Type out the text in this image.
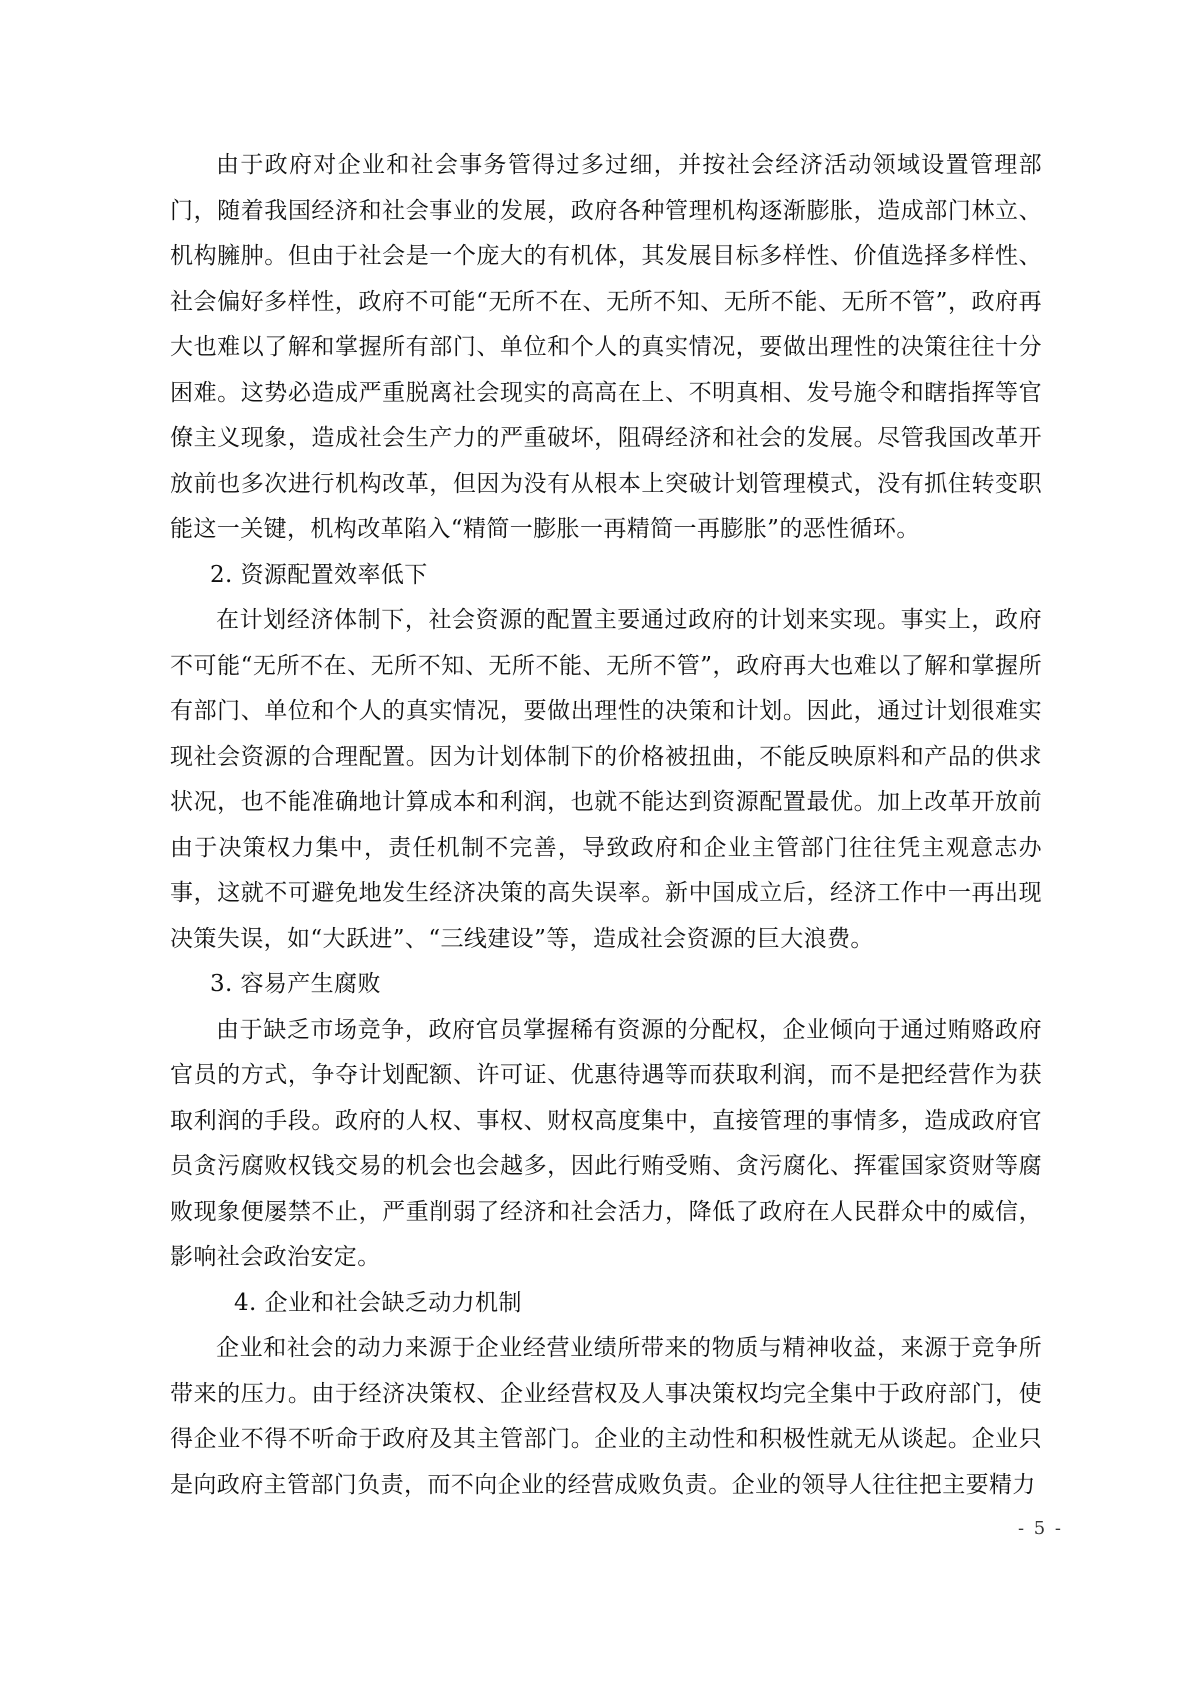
由于政府对企业和社会事务管得过多过细，并按社会经济活动领域设置管理部门，随着我国经济和社会事业的发展，政府各种管理机构逐渐膨胀，造成部门林立、机构臃肿。但由于社会是一个庞大的有机体，其发展目标多样性、价值选择多样性、社会偏好多样性，政府不可能“无所不在、无所不知、无所不能、无所不管”，政府再大也难以了解和掌握所有部门、单位和个人的真实情况，要做出理性的决策往往十分困难。这势必造成严重脱离社会现实的高高在上、不明真相、发号施令和瞎指挥等官僚主义现象，造成社会生产力的严重破坏，阻碍经济和社会的发展。尽管我国改革开放前也多次进行机构改革，但因为没有从根本上突破计划管理模式，没有抓住转变职能这一关键，机构改革陷入“精简一膨胀一再精简一再膨胀”的恶性循环。

2. 资源配置效率低下

在计划经济体制下，社会资源的配置主要通过政府的计划来实现。事实上，政府不可能“无所不在、无所不知、无所不能、无所不管”，政府再大也难以了解和掌握所有部门、单位和个人的真实情况，要做出理性的决策和计划。因此，通过计划很难实现社会资源的合理配置。因为计划体制下的价格被扭曲，不能反映原料和产品的供求状况，也不能准确地计算成本和利润，也就不能达到资源配置最优。加上改革开放前由于决策权力集中，责任机制不完善，导致政府和企业主管部门往往凭主观意志办事，这就不可避免地发生经济决策的高失误率。新中国成立后，经济工作中一再出现决策失误，如“大跃进”、“三线建设”等，造成社会资源的巨大浪费。

3. 容易产生腐败

由于缺乏市场竞争，政府官员掌握稀有资源的分配权，企业倾向于通过贿赂政府官员的方式，争夺计划配额、许可证、优惠待遇等而获取利润，而不是把经营作为获取利润的手段。政府的人权、事权、财权高度集中，直接管理的事情多，造成政府官员贪污腐败权钱交易的机会也会越多，因此行贿受贿、贪污腐化、挥霍国家资财等腐败现象便屡禁不止，严重削弱了经济和社会活力，降低了政府在人民群众中的威信，影响社会政治安定。

4. 企业和社会缺乏动力机制

企业和社会的动力来源于企业经营业绩所带来的物质与精神收益，来源于竞争所带来的压力。由于经济决策权、企业经营权及人事决策权均完全集中于政府部门，使得企业不得不听命于政府及其主管部门。企业的主动性和积极性就无从谈起。企业只是向政府主管部门负责，而不向企业的经营成败负责。企业的领导人往往把主要精力

- 5 -
